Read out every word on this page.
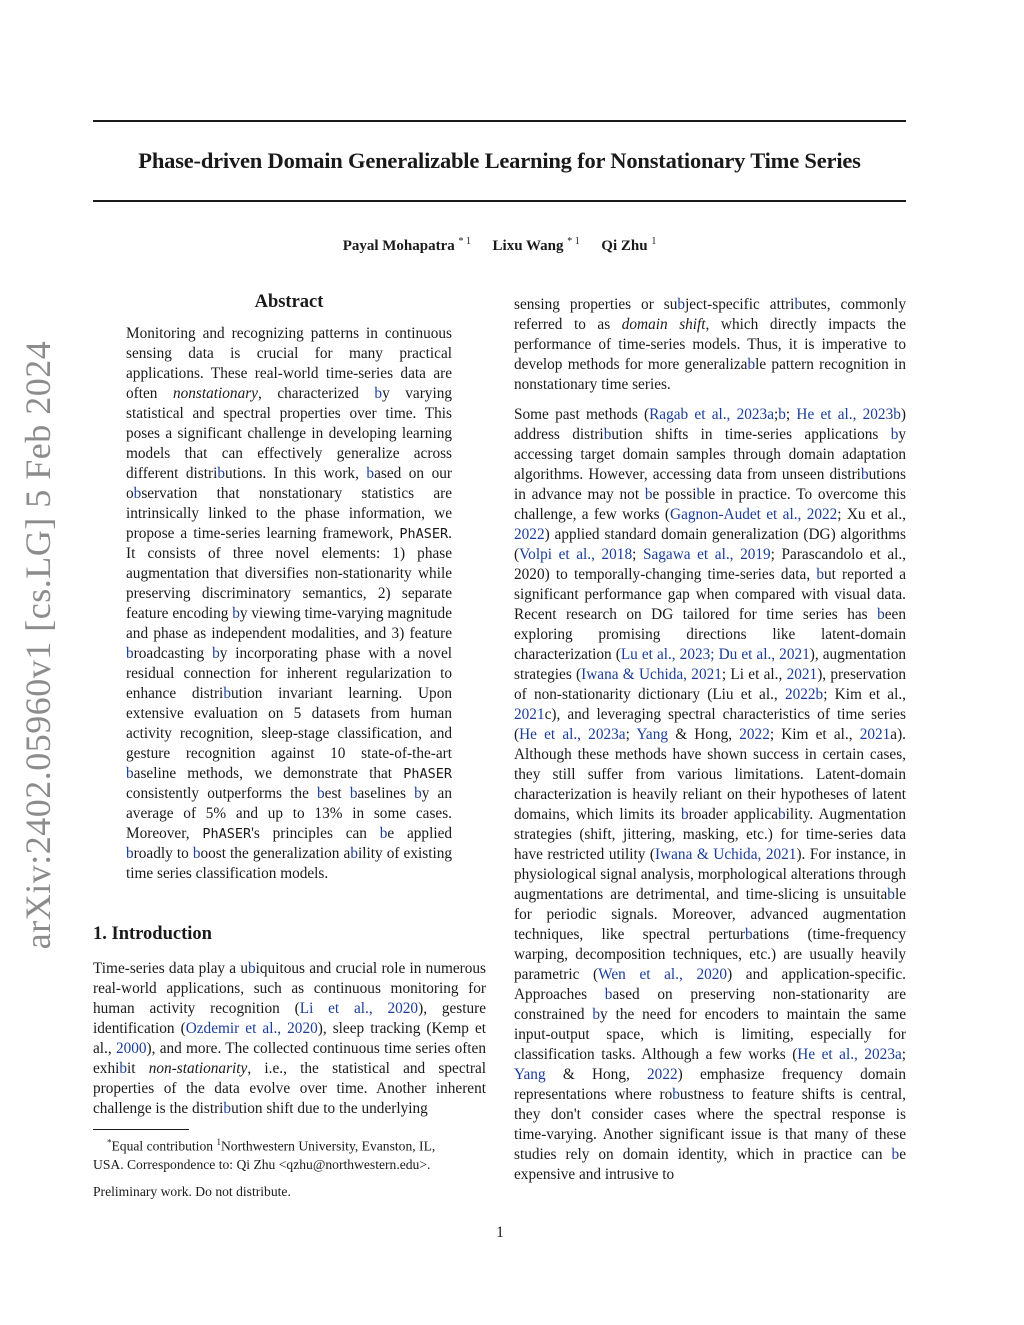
Phase-driven Domain Generalizable Learning for Nonstationary Time Series
Payal Mohapatra $^{* 1}$ Lixu Wang $^{* 1}$ Qi Zhu $^1$
arXiv:2402.05960v1 [cs.LG] 5 Feb 2024
Abstract
Monitoring and recognizing patterns in continuous
sensing data is crucial for many practical
applications. These real-world time-series data are
often nonstationary, characterized by varying
statistical and spectral properties over time. This
poses a significant challenge in developing learning
models that can effectively generalize across
different distributions. In this work, based on our
observation that nonstationary statistics are
intrinsically linked to the phase information, we
propose a time-series learning framework, PhASER.
It consists of three novel elements: 1) phase
augmentation that diversifies non-stationarity while
preserving discriminatory semantics, 2) separate
feature encoding by viewing time-varying magnitude
and phase as independent modalities, and 3) feature
broadcasting by incorporating phase with a novel
residual connection for inherent regularization to
enhance distribution invariant learning. Upon
extensive evaluation on 5 datasets from human
activity recognition, sleep-stage classification, and
gesture recognition against 10 state-of-the-art
baseline methods, we demonstrate that PhASER
consistently outperforms the best baselines by an
average of 5% and up to 13% in some cases.
Moreover, PhASER's principles can be applied
broadly to boost the generalization ability of existing
time series classification models.
1. Introduction
Time-series data play a ubiquitous and crucial role in numerous
real-world applications, such as continuous monitoring for
human activity recognition (Li et al., 2020), gesture
identification (Ozdemir et al., 2020), sleep tracking (Kemp et
al., 2000), and more. The collected continuous time series often
exhibit non-stationarity, i.e., the statistical and spectral
properties of the data evolve over time. Another inherent
challenge is the distribution shift due to the underlying
*Equal contribution $^1$Northwestern University, Evanston, IL,
USA. Correspondence to: Qi Zhu <qzhu@northwestern.edu>.
Preliminary work. Do not distribute.
sensing properties or subject-specific attributes, commonly
referred to as domain shift, which directly impacts the
performance of time-series models. Thus, it is imperative to
develop methods for more generalizable pattern recognition in
nonstationary time series.
Some past methods (Ragab et al., 2023a;b; He et al., 2023b)
address distribution shifts in time-series applications by
accessing target domain samples through domain adaptation
algorithms. However, accessing data from unseen distributions
in advance may not be possible in practice. To overcome this
challenge, a few works (Gagnon-Audet et al., 2022; Xu et al.,
2022) applied standard domain generalization (DG) algorithms
(Volpi et al., 2018; Sagawa et al., 2019; Parascandolo et al.,
2020) to temporally-changing time-series data, but reported a
significant performance gap when compared with visual data.
Recent research on DG tailored for time series has been
exploring promising directions like latent-domain
characterization (Lu et al., 2023; Du et al., 2021), augmentation
strategies (Iwana & Uchida, 2021; Li et al., 2021), preservation
of non-stationarity dictionary (Liu et al., 2022b; Kim et al.,
2021c), and leveraging spectral characteristics of time series
(He et al., 2023a; Yang & Hong, 2022; Kim et al., 2021a).
Although these methods have shown success in certain cases,
they still suffer from various limitations. Latent-domain
characterization is heavily reliant on their hypotheses of latent
domains, which limits its broader applicability. Augmentation
strategies (shift, jittering, masking, etc.) for time-series data
have restricted utility (Iwana & Uchida, 2021). For instance, in
physiological signal analysis, morphological alterations through
augmentations are detrimental, and time-slicing is unsuitable
for periodic signals. Moreover, advanced augmentation
techniques, like spectral perturbations (time-frequency
warping, decomposition techniques, etc.) are usually heavily
parametric (Wen et al., 2020) and application-specific.
Approaches based on preserving non-stationarity are
constrained by the need for encoders to maintain the same
input-output space, which is limiting, especially for
classification tasks. Although a few works (He et al., 2023a;
Yang & Hong, 2022) emphasize frequency domain
representations where robustness to feature shifts is central,
they don't consider cases where the spectral response is
time-varying. Another significant issue is that many of these
studies rely on domain identity, which in practice can be
expensive and intrusive to
1
